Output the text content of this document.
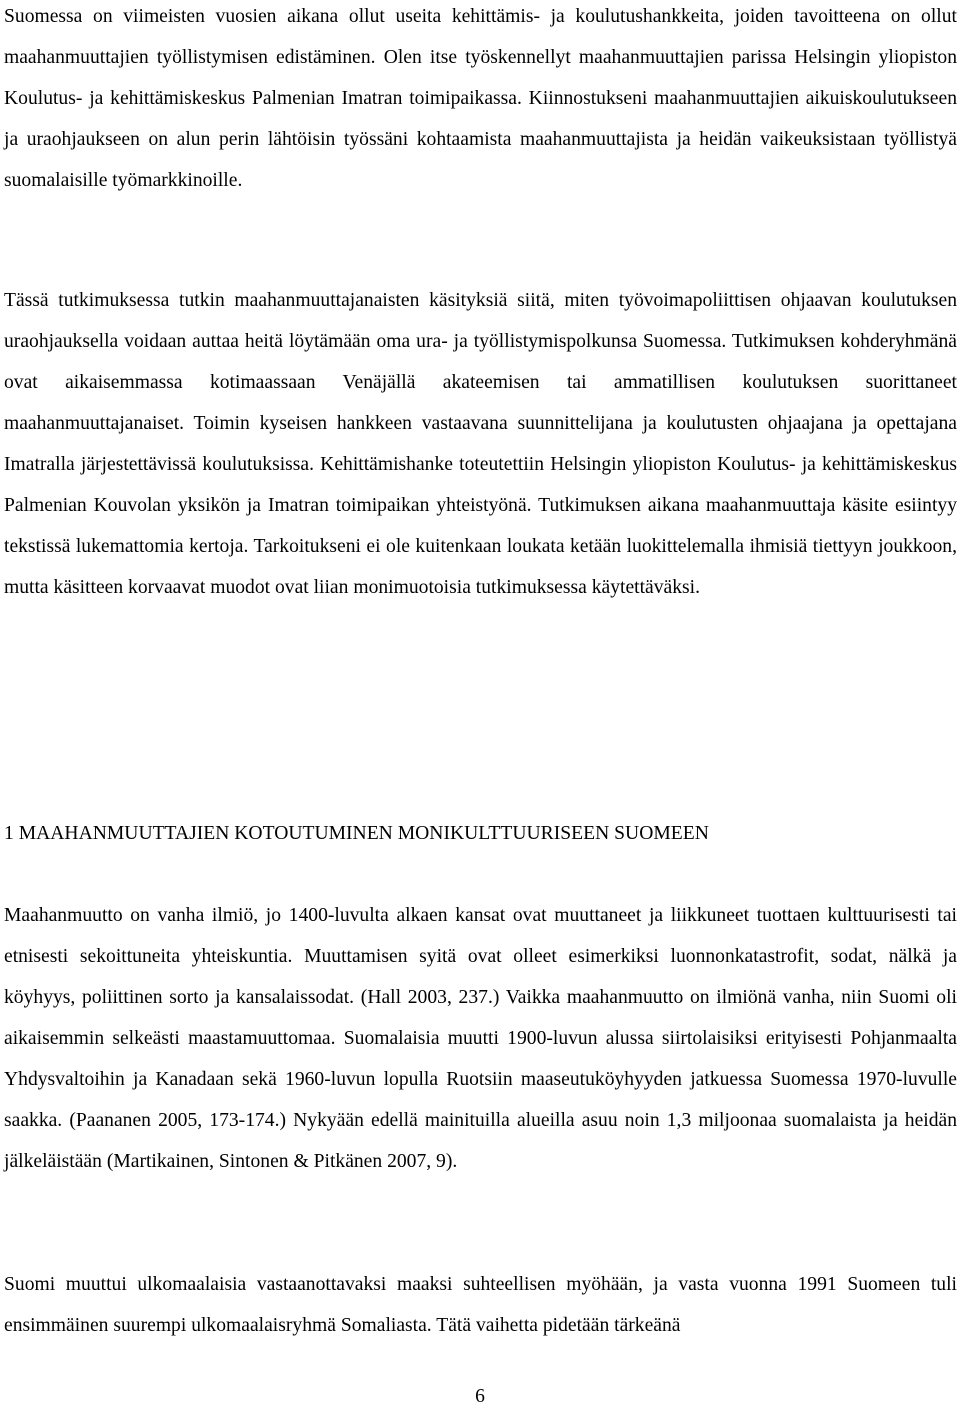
Suomessa on viimeisten vuosien aikana ollut useita kehittämis- ja koulutushankkeita, joiden tavoitteena on ollut maahanmuuttajien työllistymisen edistäminen. Olen itse työskennellyt maahanmuuttajien parissa Helsingin yliopiston Koulutus- ja kehittämiskeskus Palmenian Imatran toimipaikassa. Kiinnostukseni maahanmuuttajien aikuiskoulutukseen ja uraohjaukseen on alun perin lähtöisin työssäni kohtaamista maahanmuuttajista ja heidän vaikeuksistaan työllistyä suomalaisille työmarkkinoille.

Tässä tutkimuksessa tutkin maahanmuuttajanaisten käsityksiä siitä, miten työvoimapoliittisen ohjaavan koulutuksen uraohjauksella voidaan auttaa heitä löytämään oma ura- ja työllistymispolkunsa Suomessa. Tutkimuksen kohderyhmänä ovat aikaisemmassa kotimaassaan Venäjällä akateemisen tai ammatillisen koulutuksen suorittaneet maahanmuuttajanaiset. Toimin kyseisen hankkeen vastaavana suunnittelijana ja koulutusten ohjaajana ja opettajana Imatralla järjestettävissä koulutuksissa. Kehittämishanke toteutettiin Helsingin yliopiston Koulutus- ja kehittämiskeskus Palmenian Kouvolan yksikön ja Imatran toimipaikan yhteistyönä. Tutkimuksen aikana maahanmuuttaja käsite esiintyy tekstissä lukemattomia kertoja. Tarkoitukseni ei ole kuitenkaan loukata ketään luokittelemalla ihmisiä tiettyyn joukkoon, mutta käsitteen korvaavat muodot ovat liian monimuotoisia tutkimuksessa käytettäväksi.

1 MAAHANMUUTTAJIEN KOTOUTUMINEN MONIKULTTUURISEEN SUOMEEN

Maahanmuutto on vanha ilmiö, jo 1400-luvulta alkaen kansat ovat muuttaneet ja liikkuneet tuottaen kulttuurisesti tai etnisesti sekoittuneita yhteiskuntia. Muuttamisen syitä ovat olleet esimerkiksi luonnonkatastrofit, sodat, nälkä ja köyhyys, poliittinen sorto ja kansalaissodat. (Hall 2003, 237.) Vaikka maahanmuutto on ilmiönä vanha, niin Suomi oli aikaisemmin selkeästi maastamuuttomaa. Suomalaisia muutti 1900-luvun alussa siirtolaisiksi erityisesti Pohjanmaalta Yhdysvaltoihin ja Kanadaan sekä 1960-luvun lopulla Ruotsiin maaseutuköyhyyden jatkuessa Suomessa 1970-luvulle saakka. (Paananen 2005, 173-174.) Nykyään edellä mainituilla alueilla asuu noin 1,3 miljoonaa suomalaista ja heidän jälkeläistään (Martikainen, Sintonen & Pitkänen 2007, 9).

Suomi muuttui ulkomaalaisia vastaanottavaksi maaksi suhteellisen myöhään, ja vasta vuonna 1991 Suomeen tuli ensimmäinen suurempi ulkomaalaisryhmä Somaliasta. Tätä vaihetta pidetään tärkeänä

6
